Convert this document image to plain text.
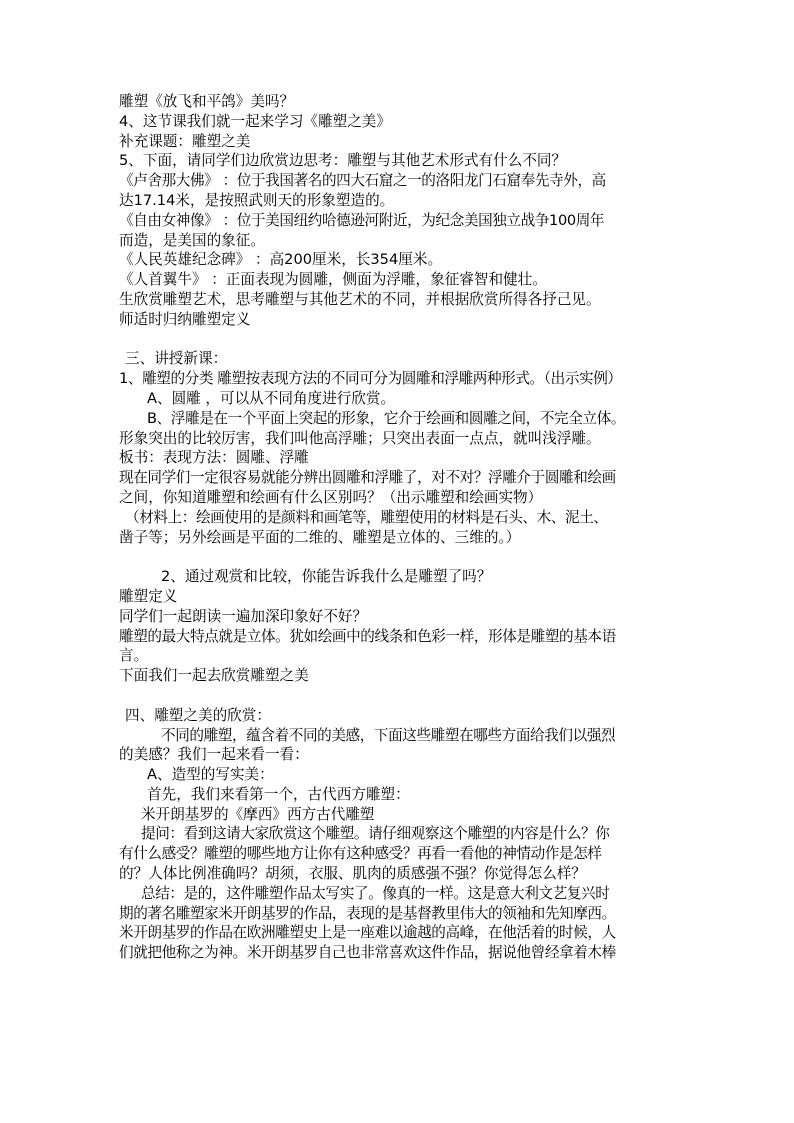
雕塑《放飞和平鸽》美吗？
4、这节课我们就一起来学习《雕塑之美》
补充课题：雕塑之美
5、下面，请同学们边欣赏边思考：雕塑与其他艺术形式有什么不同？
《卢舍那大佛》 ：位于我国著名的四大石窟之一的洛阳龙门石窟奉先寺外，高
达17.14米，是按照武则天的形象塑造的。
《自由女神像》 ：位于美国纽约哈德逊河附近，为纪念美国独立战争100周年
而造，是美国的象征。
《人民英雄纪念碑》 ：高200厘米，长354厘米。
《人首翼牛》 ：正面表现为圆雕，侧面为浮雕，象征睿智和健壮。
生欣赏雕塑艺术，思考雕塑与其他艺术的不同，并根据欣赏所得各抒己见。
师适时归纳雕塑定义
三、讲授新课：
1、雕塑的分类 雕塑按表现方法的不同可分为圆雕和浮雕两种形式。（出示实例）
A、圆雕 ，可以从不同角度进行欣赏。
B、浮雕是在一个平面上突起的形象，它介于绘画和圆雕之间，不完全立体。
形象突出的比较厉害，我们叫他高浮雕；只突出表面一点点，就叫浅浮雕。
板书：表现方法：圆雕、浮雕
现在同学们一定很容易就能分辨出圆雕和浮雕了，对不对？浮雕介于圆雕和绘画
之间，你知道雕塑和绘画有什么区别吗？（出示雕塑和绘画实物）
（材料上：绘画使用的是颜料和画笔等，雕塑使用的材料是石头、木、泥土、
凿子等；另外绘画是平面的二维的、雕塑是立体的、三维的。）
2、通过观赏和比较，你能告诉我什么是雕塑了吗？
雕塑定义
同学们一起朗读一遍加深印象好不好？
雕塑的最大特点就是立体。犹如绘画中的线条和色彩一样，形体是雕塑的基本语
言。
下面我们一起去欣赏雕塑之美
四、雕塑之美的欣赏：
不同的雕塑，蕴含着不同的美感，下面这些雕塑在哪些方面给我们以强烈
的美感？我们一起来看一看：
A、造型的写实美：
首先，我们来看第一个，古代西方雕塑：
米开朗基罗的《摩西》西方古代雕塑
提问：看到这请大家欣赏这个雕塑。请仔细观察这个雕塑的内容是什么？你
有什么感受？雕塑的哪些地方让你有这种感受？再看一看他的神情动作是怎样
的？人体比例准确吗？胡须，衣服、肌肉的质感强不强？你觉得怎么样？
总结：是的，这件雕塑作品太写实了。像真的一样。这是意大利文艺复兴时
期的著名雕塑家米开朗基罗的作品，表现的是基督教里伟大的领袖和先知摩西。
米开朗基罗的作品在欧洲雕塑史上是一座难以逾越的高峰，在他活着的时候，人
们就把他称之为神。米开朗基罗自己也非常喜欢这件作品，据说他曾经拿着木棒
